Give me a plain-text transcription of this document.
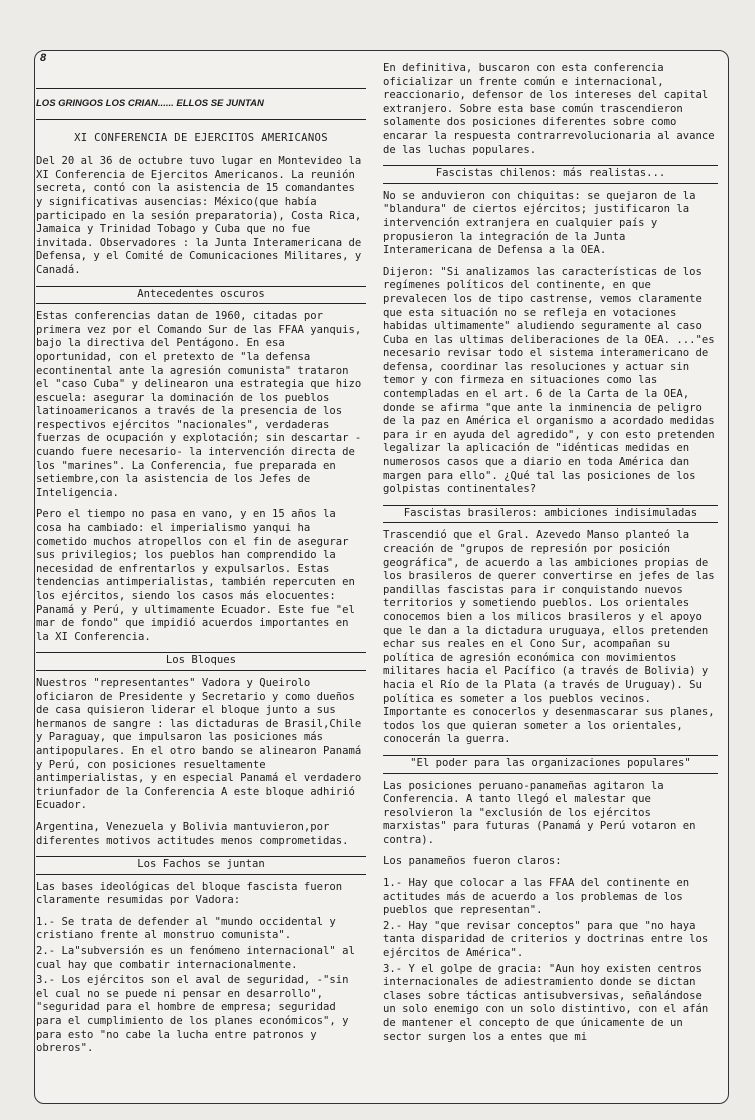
8
LOS GRINGOS LOS CRIAN...... ELLOS SE JUNTAN
XI CONFERENCIA DE EJERCITOS AMERICANOS

Del 20 al 36 de octubre tuvo lugar en Montevideo la XI Conferencia de Ejercitos Americanos. La reunión secreta, contó con la asistencia de 15 comandantes y significativas ausencias: México(que había participado en la sesión preparatoria), Costa Rica, Jamaica y Trinidad Tobago y Cuba que no fue invitada. Observadores : la Junta Interamericana de Defensa, y el Comité de Comunicaciones Militares, y Canadá.

Antecedentes oscuros

Estas conferencias datan de 1960, citadas por primera vez por el Comando Sur de las FFAA yanquis, bajo la directiva del Pentágono. En esa oportunidad, con el pretexto de "la defensa econtinental ante la agresión comunista" trataron el "caso Cuba" y delinearon una estrategia que hizo escuela: asegurar la dominación de los pueblos latinoamericanos a través de la presencia de los respectivos ejércitos "nacionales", verdaderas fuerzas de ocupación y explotación; sin descartar -cuando fuere necesario- la intervención directa de los "marines". La Conferencia, fue preparada en setiembre,con la asistencia de los Jefes de Inteligencia.

Pero el tiempo no pasa en vano, y en 15 años la cosa ha cambiado: el imperialismo yanqui ha cometido muchos atropellos con el fin de asegurar sus privilegios; los pueblos han comprendido la necesidad de enfrentarlos y expulsarlos. Estas tendencias antimperialistas, también repercuten en los ejércitos, siendo los casos más elocuentes: Panamá y Perú, y ultimamente Ecuador. Este fue "el mar de fondo" que impidió acuerdos importantes en la XI Conferencia.

Los Bloques

Nuestros "representantes" Vadora y Queirolo oficiaron de Presidente y Secretario y como dueños de casa quisieron liderar el bloque junto a sus hermanos de sangre : las dictaduras de Brasil,Chile y Paraguay, que impulsaron las posiciones más antipopulares. En el otro bando se alinearon Panamá y Perú, con posiciones resueltamente antimperialistas, y en especial Panamá el verdadero triunfador de la Conferencia A este bloque adhirió Ecuador.

Argentina, Venezuela y Bolivia mantuvieron,por diferentes motivos actitudes menos comprometidas.

Los Fachos se juntan

Las bases ideológicas del bloque fascista fueron claramente resumidas por Vadora:

1.- Se trata de defender al "mundo occidental y cristiano frente al monstruo comunista".
2.- La"subversión es un fenómeno internacional" al cual hay que combatir internacionalmente.
3.- Los ejércitos son el aval de seguridad, -"sin el cual no se puede ni pensar en desarrollo", "seguridad para el hombre de empresa; seguridad para el cumplimiento de los planes económicos", y para esto "no cabe la lucha entre patronos y obreros".

En definitiva, buscaron con esta conferencia oficializar un frente común e internacional, reaccionario, defensor de los intereses del capital extranjero. Sobre esta base común trascendieron solamente dos posiciones diferentes sobre como encarar la respuesta contrarrevolucionaria al avance de las luchas populares.

Fascistas chilenos: más realistas...

No se anduvieron con chiquitas: se quejaron de la "blandura" de ciertos ejércitos; justificaron la intervención extranjera en cualquier país y propusieron la integración de la Junta Interamericana de Defensa a la OEA.

Dijeron: "Si analizamos las características de los regímenes políticos del continente, en que prevalecen los de tipo castrense, vemos claramente que esta situación no se refleja en votaciones habidas ultimamente" aludiendo seguramente al caso Cuba en las ultimas deliberaciones de la OEA. ..."es necesario revisar todo el sistema interamericano de defensa, coordinar las resoluciones y actuar sin temor y con firmeza en situaciones como las contempladas en el art. 6 de la Carta de la OEA, donde se afirma "que ante la inminencia de peligro de la paz en América el organismo a acordado medidas para ir en ayuda del agredido", y con esto pretenden legalizar la aplicación de "idénticas medidas en numerosos casos que a diario en toda América dan margen para ello". ¿Qué tal las posiciones de los golpistas continentales?

Fascistas brasileros: ambiciones indisimuladas

Trascendió que el Gral. Azevedo Manso planteó la creación de "grupos de represión por posición geográfica", de acuerdo a las ambiciones propias de los brasileros de querer convertirse en jefes de las pandillas fascistas para ir conquistando nuevos territorios y sometiendo pueblos. Los orientales conocemos bien a los milicos brasileros y el apoyo que le dan a la dictadura uruguaya, ellos pretenden echar sus reales en el Cono Sur, acompañan su política de agresión económica con movimientos militares hacia el Pacífico (a través de Bolivia) y hacia el Río de la Plata (a través de Uruguay). Su política es someter a los pueblos vecinos. Importante es conocerlos y desenmascarar sus planes, todos los que quieran someter a los orientales, conocerán la guerra.

"El poder para las organizaciones populares"

Las posiciones peruano-panameñas agitaron la Conferencia. A tanto llegó el malestar que resolvieron la "exclusión de los ejércitos marxistas" para futuras (Panamá y Perú votaron en contra).

Los panameños fueron claros:

1.- Hay que colocar a las FFAA del continente en actitudes más de acuerdo a los problemas de los pueblos que representan".
2.- Hay "que revisar conceptos" para que "no haya tanta disparidad de criterios y doctrinas entre los ejércitos de América".
3.- Y el golpe de gracia: "Aun hoy existen centros internacionales de adiestramiento donde se dictan clases sobre tácticas antisubversivas, señalándose un solo enemigo con un solo distintivo, con el afán de mantener el concepto de que únicamente de un sector surgen los a entes que mi
